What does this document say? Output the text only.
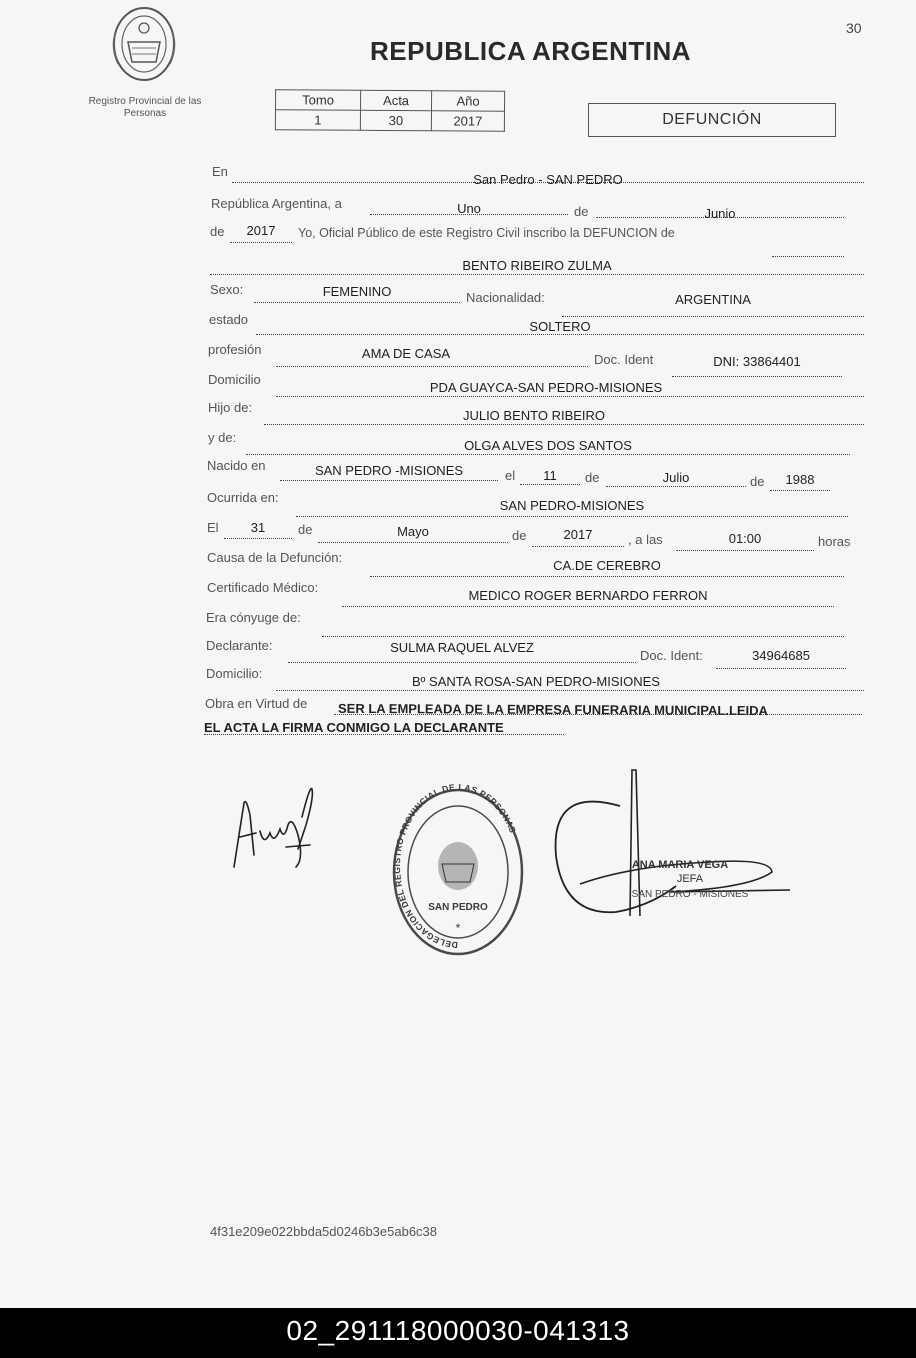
Registro Provincial de las Personas
30
REPUBLICA ARGENTINA
Tomo	Acta	Año
1	30	2017	DEFUNCIÓN
En
San Pedro - SAN PEDRO
República Argentina, a	Uno	de	Junio
de	2017	Yo, Oficial Público de este Registro Civil inscribo la DEFUNCION de
BENTO RIBEIRO ZULMA
Sexo:	FEMENINO	Nacionalidad:	ARGENTINA
estado	SOLTERO
profesión	AMA DE CASA	Doc. Ident	DNI: 33864401
Domicilio
PDA GUAYCA-SAN PEDRO-MISIONES
Hijo de:
JULIO BENTO RIBEIRO
y de:
OLGA ALVES DOS SANTOS
Nacido en	SAN PEDRO -MISIONES	el	11	de	Julio	de	1988
Ocurrida en:
SAN PEDRO-MISIONES
El	31	de	Mayo	de	2017	, a las	01:00	horas
Causa de la Defunción:
CA.DE CEREBRO
Certificado Médico:
MEDICO ROGER BERNARDO FERRON
Era cónyuge de:
Declarante:	SULMA RAQUEL ALVEZ
Doc. Ident:	34964685
Domicilio:
Bº SANTA ROSA-SAN PEDRO-MISIONES
Obra en Virtud de SER LA EMPLEADA DE LA EMPRESA FUNERARIA MUNICIPAL.LEIDA
EL ACTA LA FIRMA CONMIGO LA DECLARANTE
DELEGACION DEL REGISTRO PROVINCIAL DE LAS PERSONAS
SAN PEDRO
*
ANA MARIA VEGA
JEFA
SAN PEDRO - MISIONES
4f31e209e022bbda5d0246b3e5ab6c38
02_291118000030-041313
